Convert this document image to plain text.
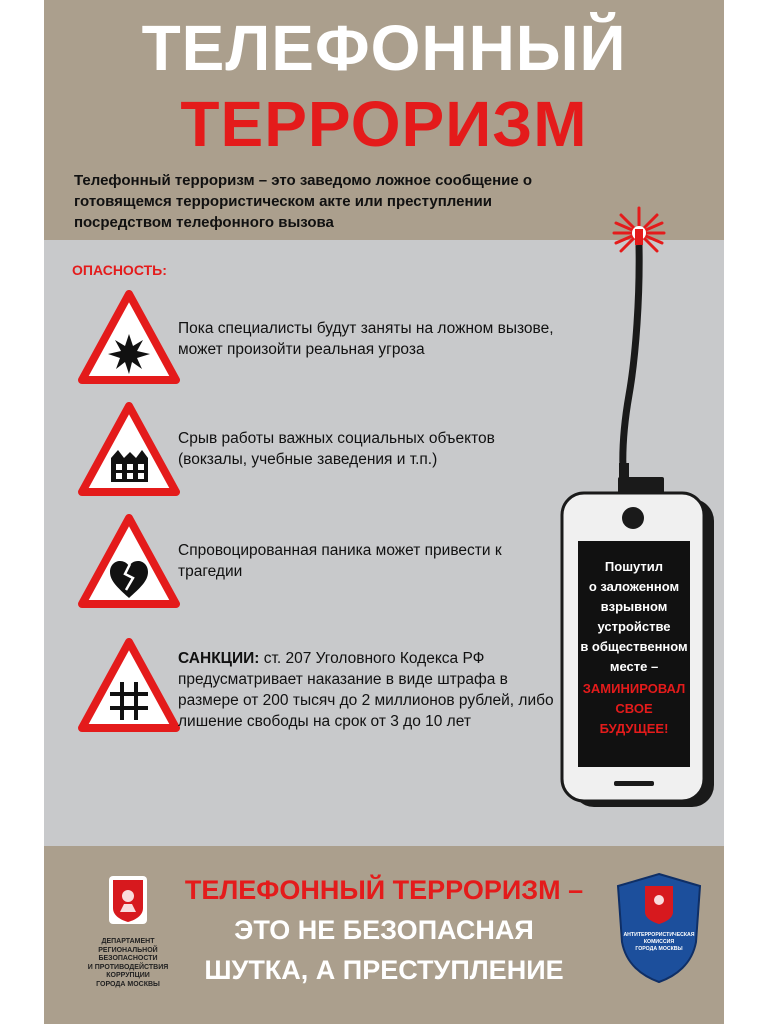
ТЕЛЕФОННЫЙ
ТЕРРОРИЗМ
Телефонный терроризм – это заведомо ложное сообщение о готовящемся террористическом акте или преступлении посредством телефонного вызова
ОПАСНОСТЬ:
Пока специалисты будут заняты на ложном вызове, может произойти реальная угроза
Срыв работы важных социальных объектов (вокзалы, учебные заведения и т.п.)
Спровоцированная паника может привести к трагедии
САНКЦИИ: ст. 207 Уголовного Кодекса РФ предусматривает наказание в виде штрафа в размере от 200 тысяч до 2 миллионов рублей, либо лишение свободы на срок от 3 до 10 лет
Пошутил
о заложенном
взрывном
устройстве
в общественном
месте –
ЗАМИНИРОВАЛ
СВОЕ
БУДУЩЕЕ!
ДЕПАРТАМЕНТ РЕГИОНАЛЬНОЙ
БЕЗОПАСНОСТИ
И ПРОТИВОДЕЙСТВИЯ
КОРРУПЦИИ
ГОРОДА МОСКВЫ
ТЕЛЕФОННЫЙ ТЕРРОРИЗМ –
ЭТО НЕ БЕЗОПАСНАЯ
ШУТКА, А ПРЕСТУПЛЕНИЕ
АНТИТЕРРОРИСТИЧЕСКАЯ
КОМИССИЯ
ГОРОДА МОСКВЫ
